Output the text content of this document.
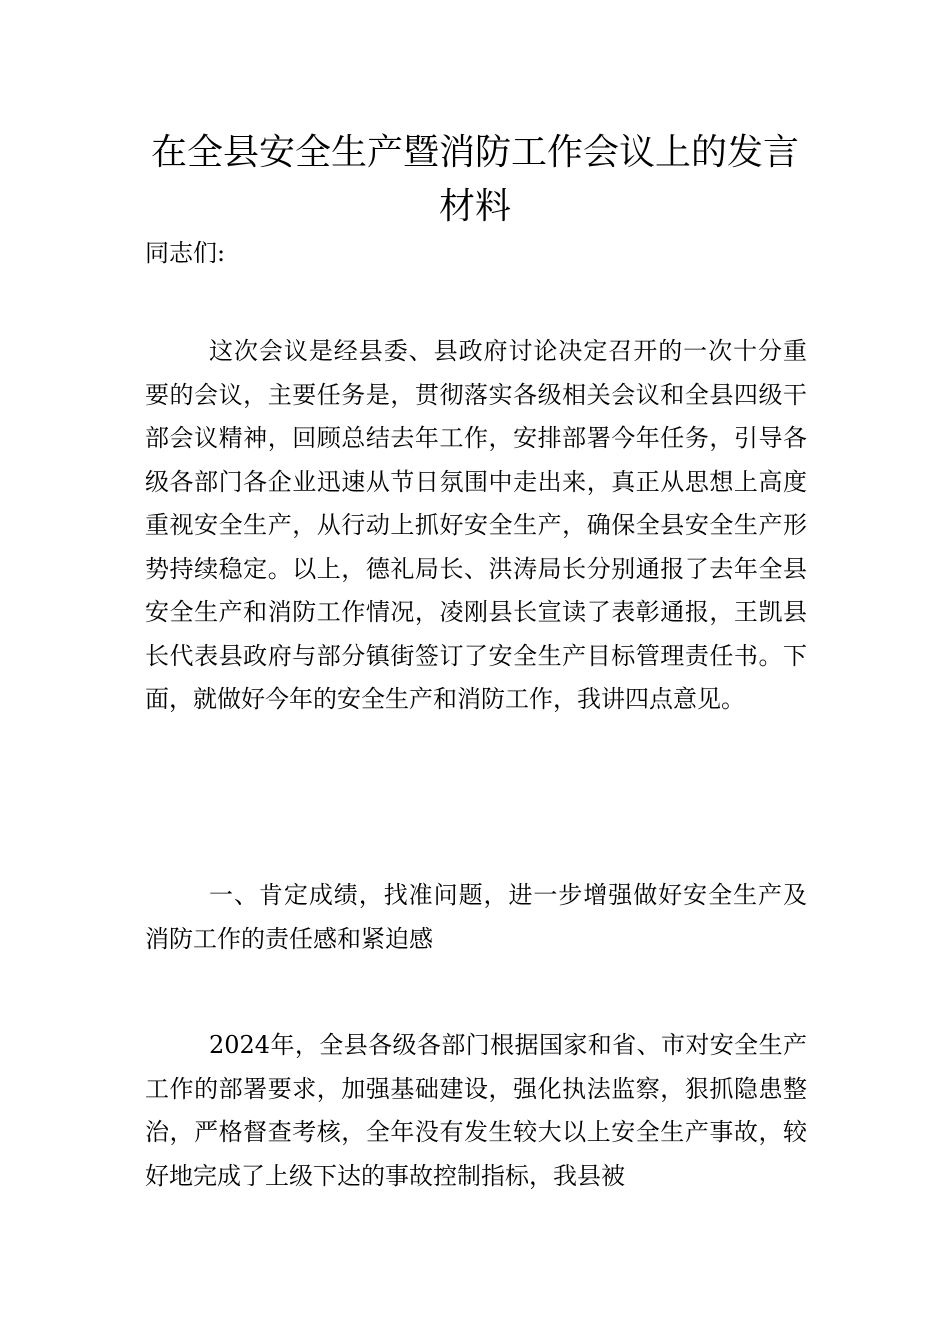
在全县安全生产暨消防工作会议上的发言材料

同志们:

这次会议是经县委、县政府讨论决定召开的一次十分重要的会议，主要任务是，贯彻落实各级相关会议和全县四级干部会议精神，回顾总结去年工作，安排部署今年任务，引导各级各部门各企业迅速从节日氛围中走出来，真正从思想上高度重视安全生产，从行动上抓好安全生产，确保全县安全生产形势持续稳定。以上，德礼局长、洪涛局长分别通报了去年全县安全生产和消防工作情况，凌刚县长宣读了表彰通报，王凯县长代表县政府与部分镇街签订了安全生产目标管理责任书。下面，就做好今年的安全生产和消防工作，我讲四点意见。

一、肯定成绩，找准问题，进一步增强做好安全生产及消防工作的责任感和紧迫感

2024年，全县各级各部门根据国家和省、市对安全生产工作的部署要求，加强基础建设，强化执法监察，狠抓隐患整治，严格督查考核，全年没有发生较大以上安全生产事故，较好地完成了上级下达的事故控制指标，我县被
